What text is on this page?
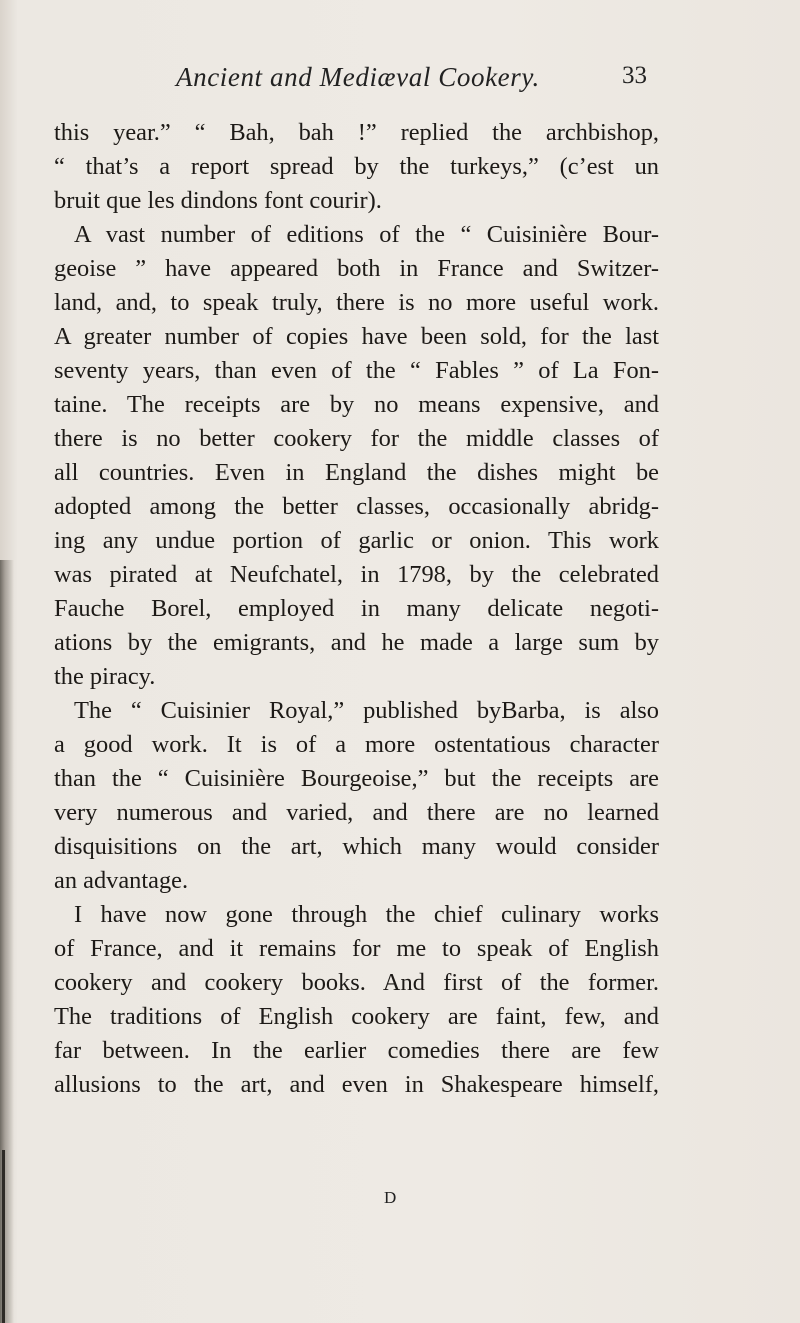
Ancient and Mediæval Cookery.	33
this year.” “ Bah, bah !” replied the archbishop,
“ that’s a report spread by the turkeys,” (c’est un
bruit que les dindons font courir).
A vast number of editions of the “ Cuisinière Bour-
geoise ” have appeared both in France and Switzer-
land, and, to speak truly, there is no more useful work.
A greater number of copies have been sold, for the last
seventy years, than even of the “ Fables ” of La Fon-
taine. The receipts are by no means expensive, and
there is no better cookery for the middle classes of
all countries. Even in England the dishes might be
adopted among the better classes, occasionally abridg-
ing any undue portion of garlic or onion. This work
was pirated at Neufchatel, in 1798, by the celebrated
Fauche Borel, employed in many delicate negoti-
ations by the emigrants, and he made a large sum by
the piracy.
The “ Cuisinier Royal,” published byBarba, is also
a good work. It is of a more ostentatious character
than the “ Cuisinière Bourgeoise,” but the receipts are
very numerous and varied, and there are no learned
disquisitions on the art, which many would consider
an advantage.
I have now gone through the chief culinary works
of France, and it remains for me to speak of English
cookery and cookery books. And first of the former.
The traditions of English cookery are faint, few, and
far between. In the earlier comedies there are few
allusions to the art, and even in Shakespeare himself,
D
